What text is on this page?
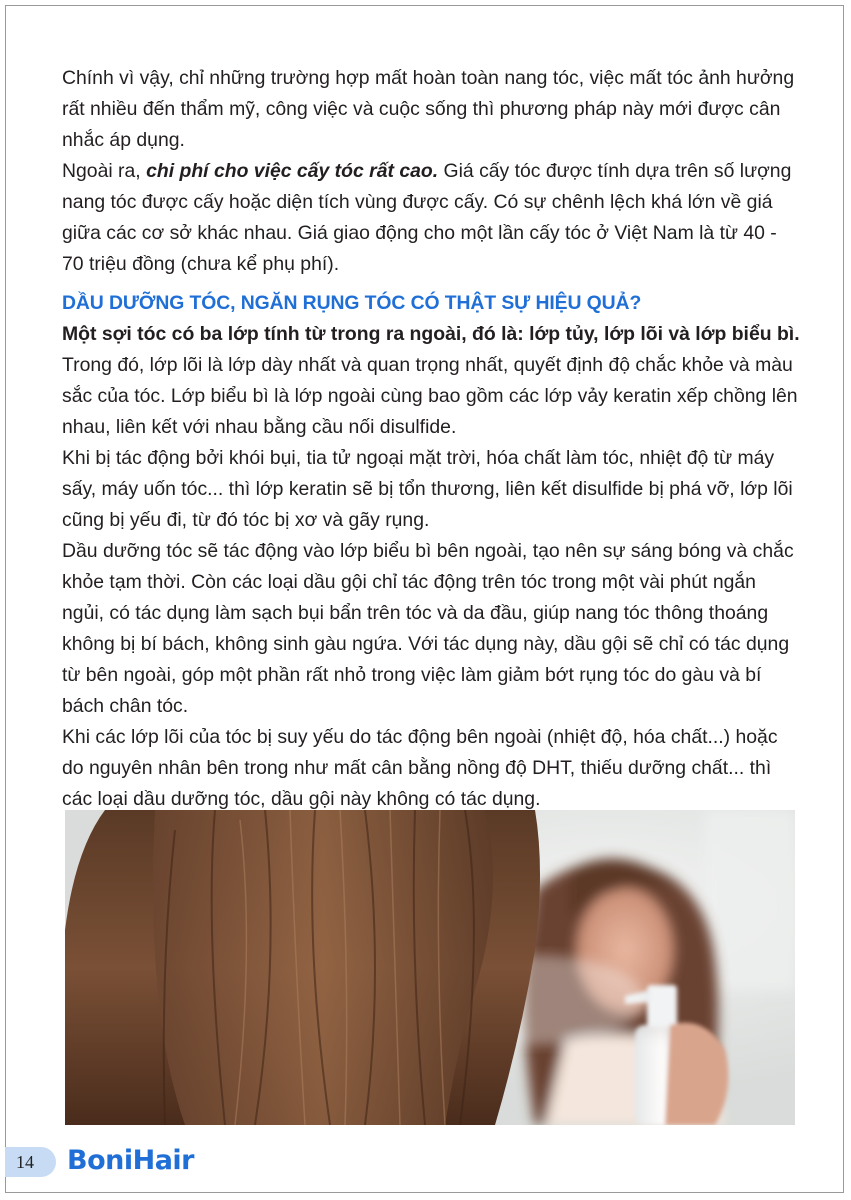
Chính vì vậy, chỉ những trường hợp mất hoàn toàn nang tóc, việc mất tóc ảnh hưởng rất nhiều đến thẩm mỹ, công việc và cuộc sống thì phương pháp này mới được cân nhắc áp dụng.

Ngoài ra, chi phí cho việc cấy tóc rất cao. Giá cấy tóc được tính dựa trên số lượng nang tóc được cấy hoặc diện tích vùng được cấy. Có sự chênh lệch khá lớn về giá giữa các cơ sở khác nhau. Giá giao động cho một lần cấy tóc ở Việt Nam là từ 40 - 70 triệu đồng (chưa kể phụ phí).

DẦU DƯỠNG TÓC, NGĂN RỤNG TÓC CÓ THẬT SỰ HIỆU QUẢ?

Một sợi tóc có ba lớp tính từ trong ra ngoài, đó là: lớp tủy, lớp lõi và lớp biểu bì. Trong đó, lớp lõi là lớp dày nhất và quan trọng nhất, quyết định độ chắc khỏe và màu sắc của tóc. Lớp biểu bì là lớp ngoài cùng bao gồm các lớp vảy keratin xếp chồng lên nhau, liên kết với nhau bằng cầu nối disulfide.

Khi bị tác động bởi khói bụi, tia tử ngoại mặt trời, hóa chất làm tóc, nhiệt độ từ máy sấy, máy uốn tóc... thì lớp keratin sẽ bị tổn thương, liên kết disulfide bị phá vỡ, lớp lõi cũng bị yếu đi, từ đó tóc bị xơ và gãy rụng.

Dầu dưỡng tóc sẽ tác động vào lớp biểu bì bên ngoài, tạo nên sự sáng bóng và chắc khỏe tạm thời. Còn các loại dầu gội chỉ tác động trên tóc trong một vài phút ngắn ngủi, có tác dụng làm sạch bụi bẩn trên tóc và da đầu, giúp nang tóc thông thoáng không bị bí bách, không sinh gàu ngứa. Với tác dụng này, dầu gội sẽ chỉ có tác dụng từ bên ngoài, góp một phần rất nhỏ trong việc làm giảm bớt rụng tóc do gàu và bí bách chân tóc.

Khi các lớp lõi của tóc bị suy yếu do tác động bên ngoài (nhiệt độ, hóa chất...) hoặc do nguyên nhân bên trong như mất cân bằng nồng độ DHT, thiếu dưỡng chất... thì các loại dầu dưỡng tóc, dầu gội này không có tác dụng.

14 BoniHair
